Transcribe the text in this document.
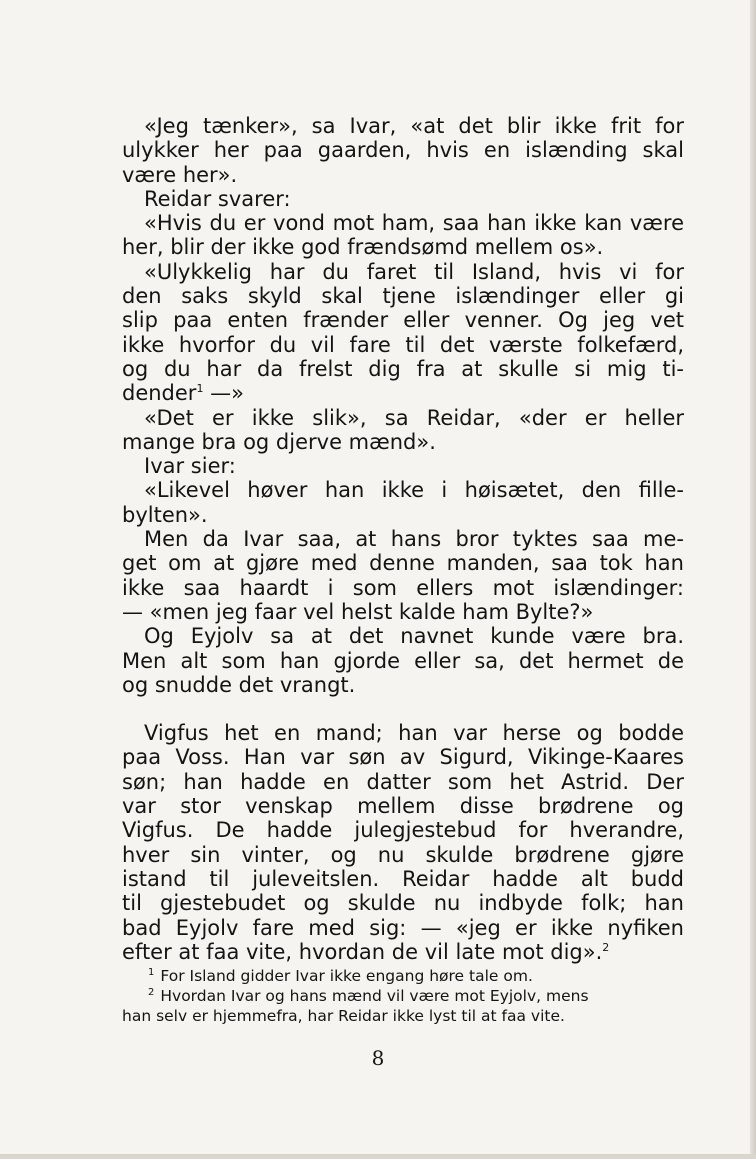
«Jeg tænker», sa Ivar, «at det blir ikke frit for
ulykker her paa gaarden, hvis en islænding skal
være her».
Reidar svarer:
«Hvis du er vond mot ham, saa han ikke kan være
her, blir der ikke god frændsømd mellem os».
«Ulykkelig har du faret til Island, hvis vi for
den saks skyld skal tjene islændinger eller gi
slip paa enten frænder eller venner. Og jeg vet
ikke hvorfor du vil fare til det værste folkefærd,
og du har da frelst dig fra at skulle si mig ti-
dender$^1$ —»
«Det er ikke slik», sa Reidar, «der er heller
mange bra og djerve mænd».
Ivar sier:
«Likevel høver han ikke i høisætet, den fille-
bylten».
Men da Ivar saa, at hans bror tyktes saa me-
get om at gjøre med denne manden, saa tok han
ikke saa haardt i som ellers mot islændinger:
— «men jeg faar vel helst kalde ham Bylte?»
Og Eyjolv sa at det navnet kunde være bra.
Men alt som han gjorde eller sa, det hermet de
og snudde det vrangt.
Vigfus het en mand; han var herse og bodde
paa Voss. Han var søn av Sigurd, Vikinge-Kaares
søn; han hadde en datter som het Astrid. Der
var stor venskap mellem disse brødrene og
Vigfus. De hadde julegjestebud for hverandre,
hver sin vinter, og nu skulde brødrene gjøre
istand til juleveitslen. Reidar hadde alt budd
til gjestebudet og skulde nu indbyde folk; han
bad Eyjolv fare med sig: — «jeg er ikke nyfiken
efter at faa vite, hvordan de vil late mot dig».$^2$
$^1$ For Island gidder Ivar ikke engang høre tale om.
$^2$ Hvordan Ivar og hans mænd vil være mot Eyjolv, mens
han selv er hjemmefra, har Reidar ikke lyst til at faa vite.
8
